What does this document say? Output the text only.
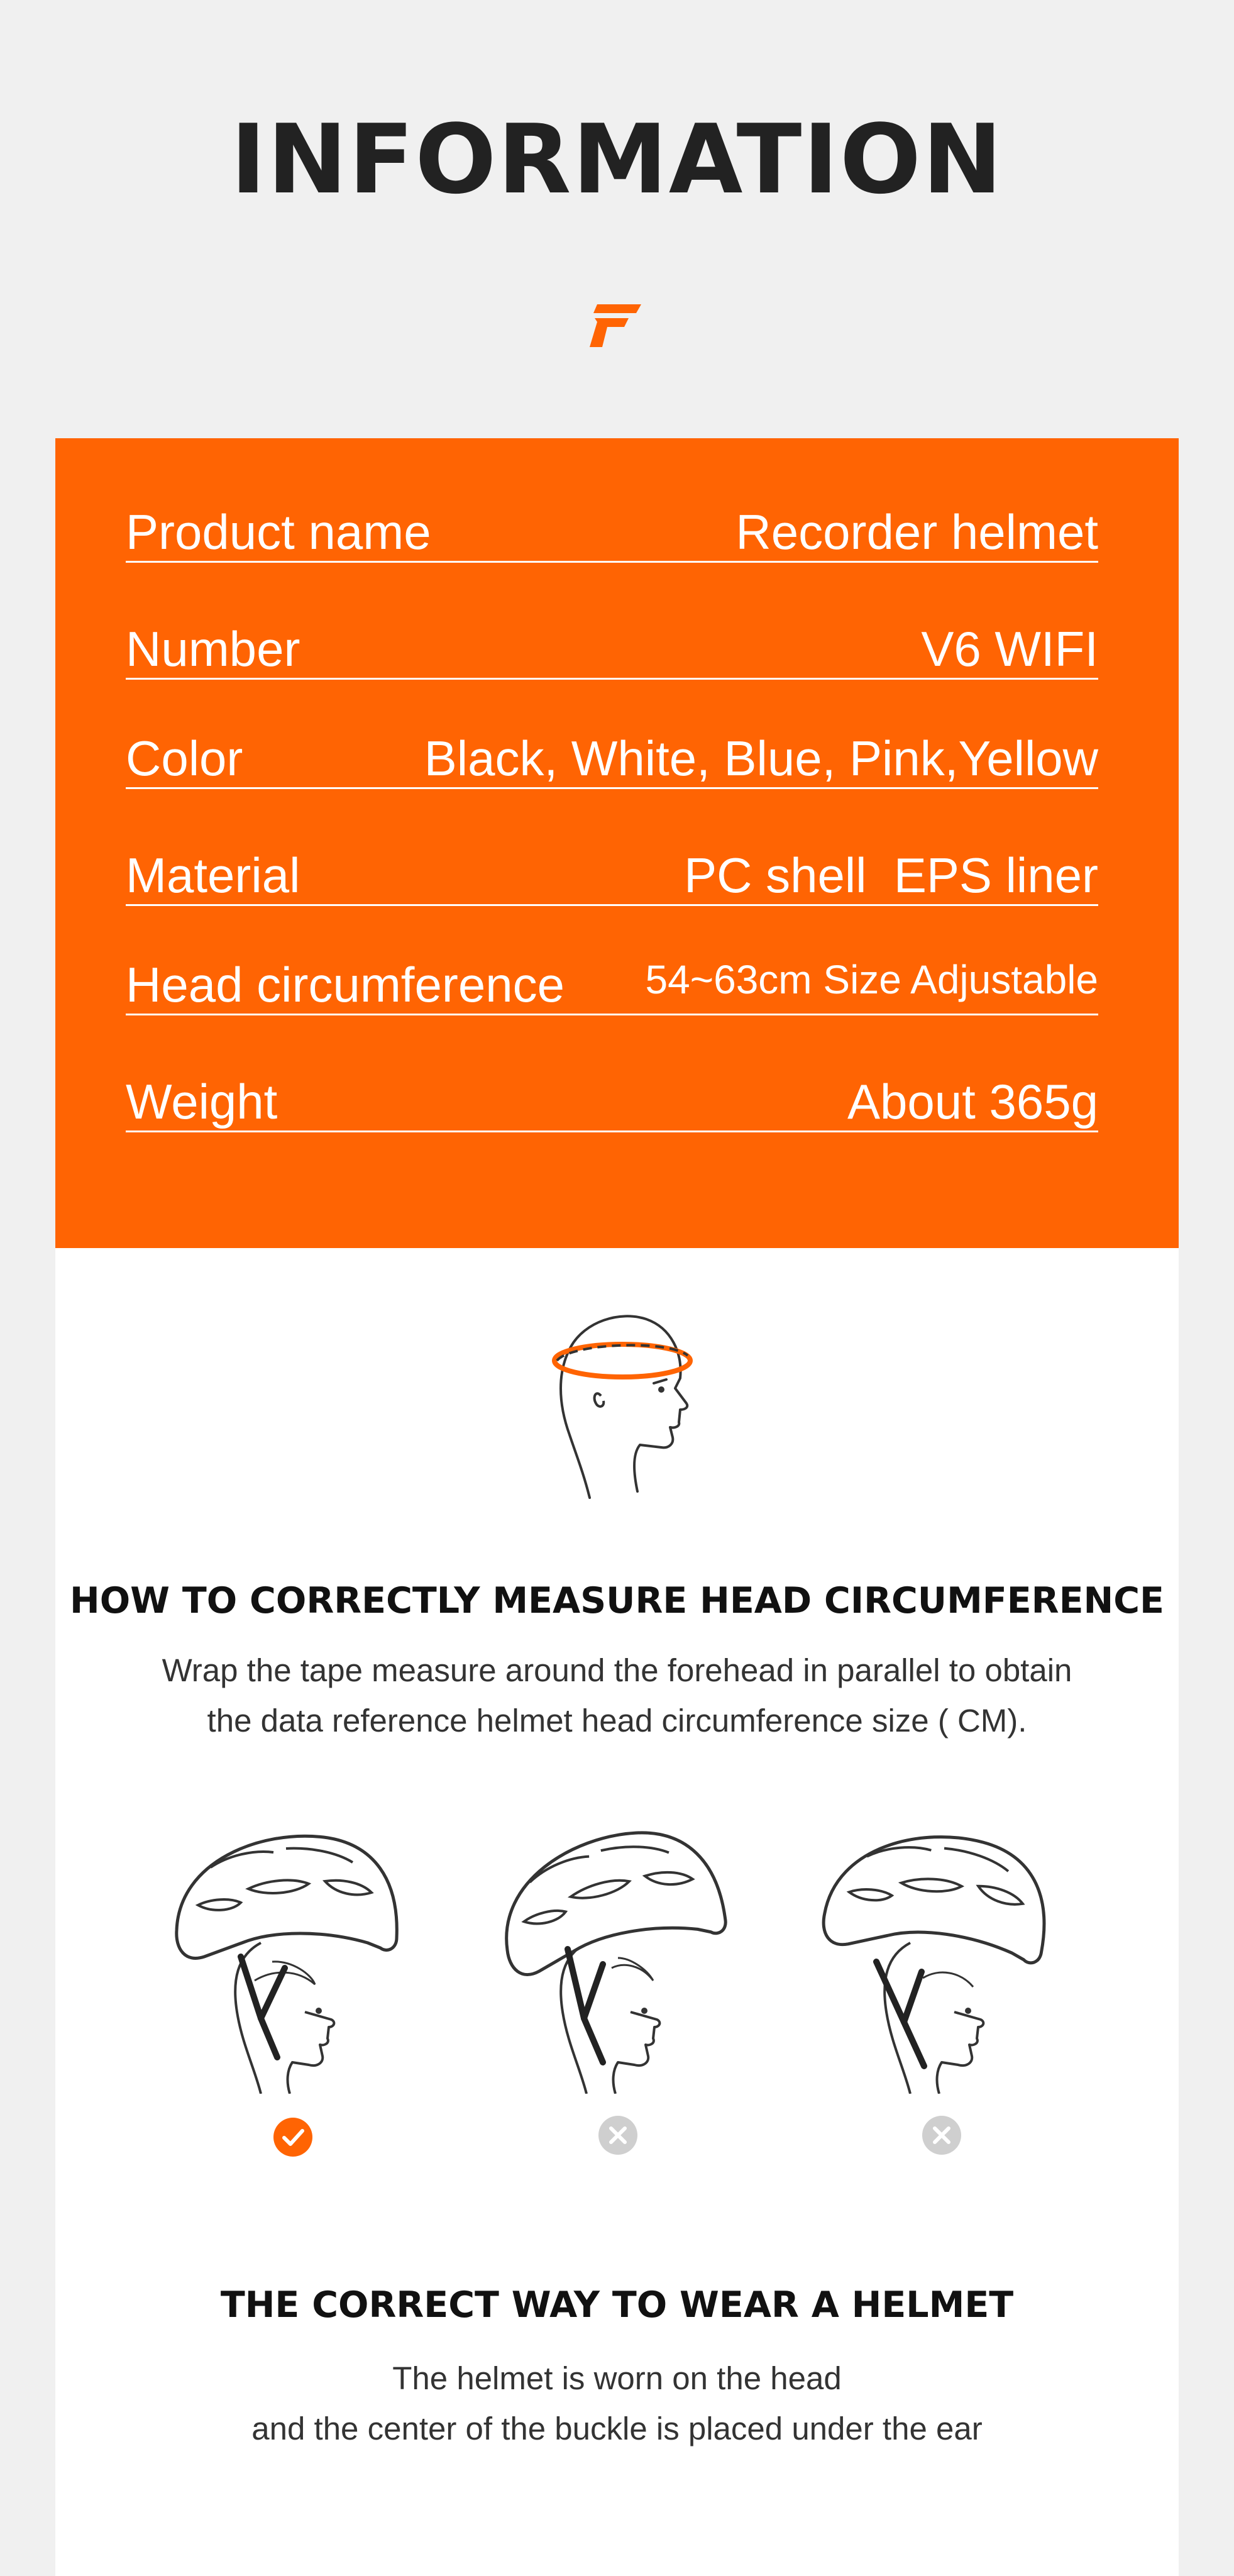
INFORMATION
Product name	Recorder helmet
Number	V6 WIFI
Color	Black, White, Blue, Pink,Yellow
Material	PC shell  EPS liner
Head circumference 54~63cm Size Adjustable
Weight	About 365g
HOW TO CORRECTLY MEASURE HEAD CIRCUMFERENCE
Wrap the tape measure around the forehead in parallel to obtain
the data reference helmet head circumference size ( CM).
THE CORRECT WAY TO WEAR A HELMET
The helmet is worn on the head
and the center of the buckle is placed under the ear
